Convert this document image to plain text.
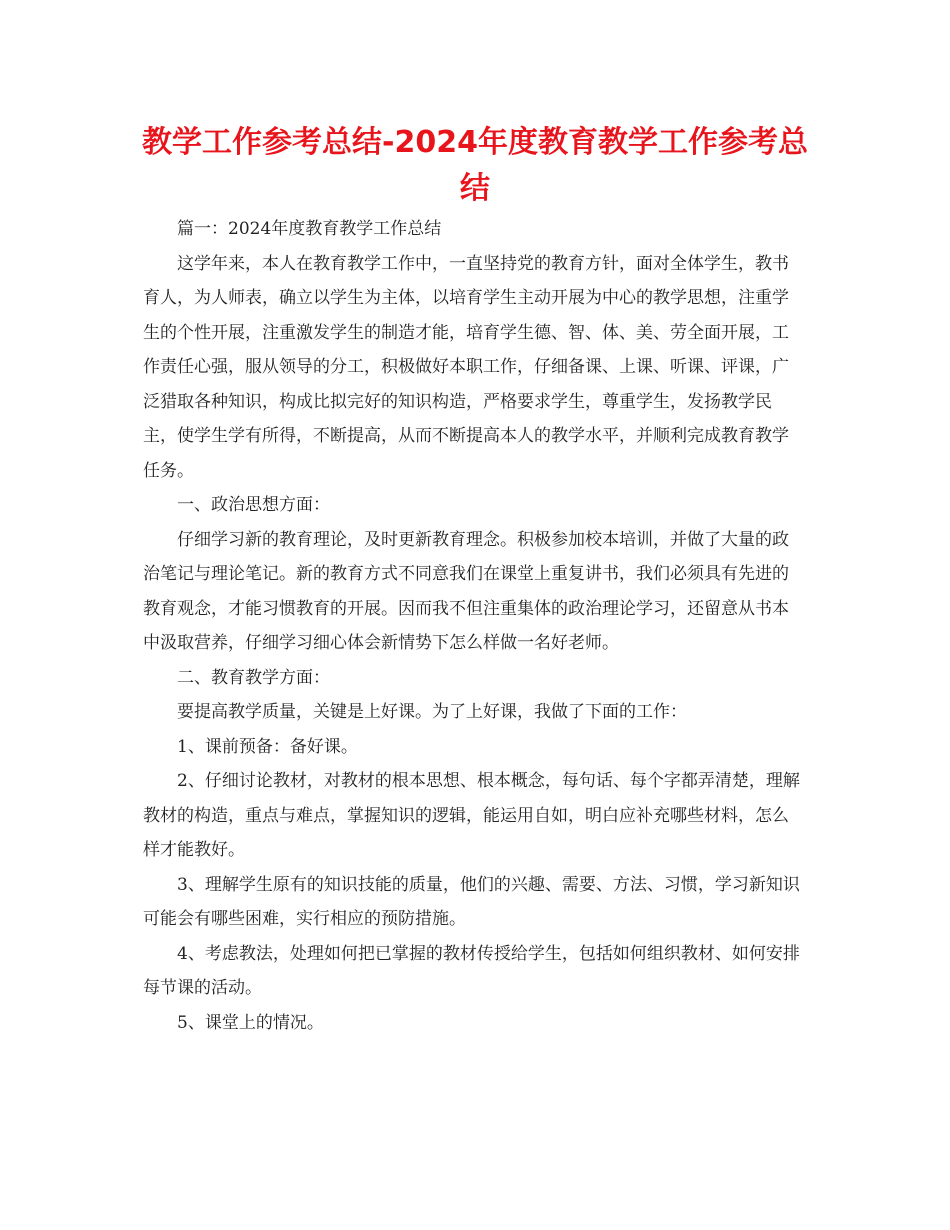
教学工作参考总结-2024年度教育教学工作参考总结

篇一：2024年度教育教学工作总结

这学年来，本人在教育教学工作中，一直坚持党的教育方针，面对全体学生，教书育人，为人师表，确立以学生为主体，以培育学生主动开展为中心的教学思想，注重学生的个性开展，注重激发学生的制造才能，培育学生德、智、体、美、劳全面开展，工作责任心强，服从领导的分工，积极做好本职工作，仔细备课、上课、听课、评课，广泛猎取各种知识，构成比拟完好的知识构造，严格要求学生，尊重学生，发扬教学民主，使学生学有所得，不断提高，从而不断提高本人的教学水平，并顺利完成教育教学任务。

一、政治思想方面：

仔细学习新的教育理论，及时更新教育理念。积极参加校本培训，并做了大量的政治笔记与理论笔记。新的教育方式不同意我们在课堂上重复讲书，我们必须具有先进的教育观念，才能习惯教育的开展。因而我不但注重集体的政治理论学习，还留意从书本中汲取营养，仔细学习细心体会新情势下怎么样做一名好老师。

二、教育教学方面：

要提高教学质量，关键是上好课。为了上好课，我做了下面的工作：

1、课前预备：备好课。

2、仔细讨论教材，对教材的根本思想、根本概念，每句话、每个字都弄清楚，理解教材的构造，重点与难点，掌握知识的逻辑，能运用自如，明白应补充哪些材料，怎么样才能教好。

3、理解学生原有的知识技能的质量，他们的兴趣、需要、方法、习惯，学习新知识可能会有哪些困难，实行相应的预防措施。

4、考虑教法，处理如何把已掌握的教材传授给学生，包括如何组织教材、如何安排每节课的活动。

5、课堂上的情况。
